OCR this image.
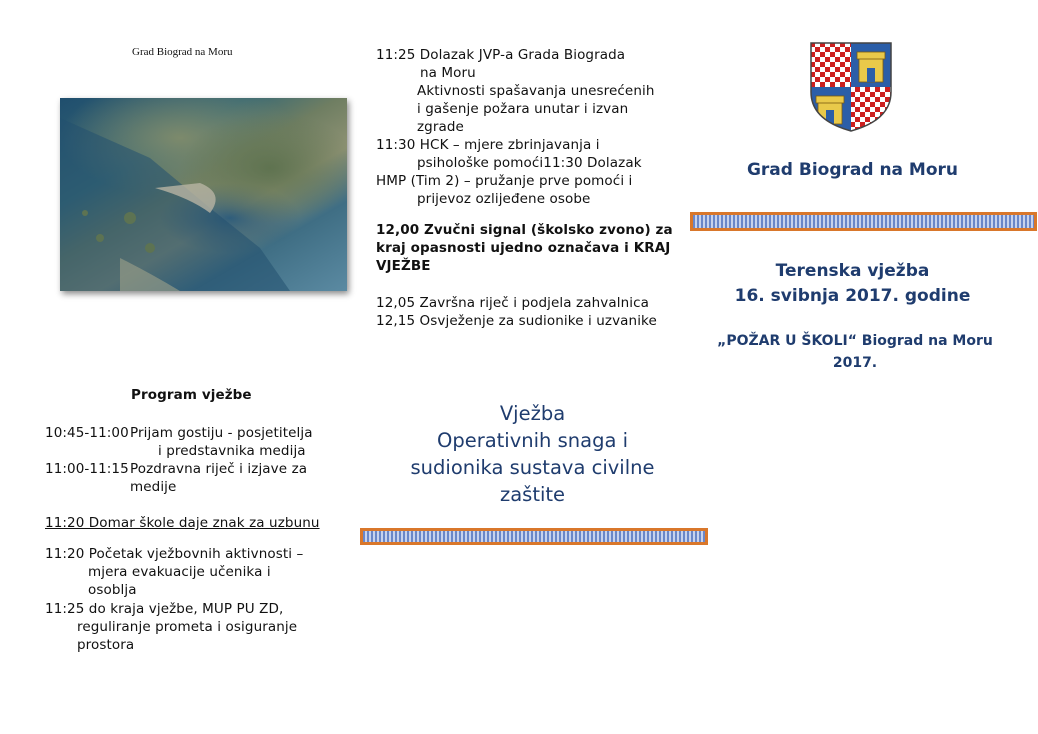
Grad Biograd na Moru
Program vježbe
10:45-11:00Prijam gostiju - posjetitelja
i predstavnika medija
11:00-11:15Pozdravna riječ i izjave za
medije
11:20 Domar škole daje znak za uzbunu
11:20 Početak vježbovnih aktivnosti –
mjera evakuacije učenika i
osoblja
11:25 do kraja vježbe, MUP PU ZD,
reguliranje prometa i osiguranje
prostora
11:25 Dolazak JVP-a Grada Biograda
na Moru
Aktivnosti spašavanja unesrećenih
i gašenje požara unutar i izvan
zgrade
11:30 HCK – mjere zbrinjavanja i
psihološke pomoći11:30 Dolazak
HMP (Tim 2) – pružanje prve pomoći i
prijevoz ozlijeđene osobe
12,00 Zvučni signal (školsko zvono) za
kraj opasnosti ujedno označava i KRAJ
VJEŽBE
12,05 Završna riječ i podjela zahvalnica
12,15 Osvježenje za sudionike i uzvanike
Vježba
Operativnih snaga i
sudionika sustava civilne
zaštite
Grad Biograd na Moru
Terenska vježba
16. svibnja 2017. godine
„POŽAR U ŠKOLI“ Biograd na Moru
2017.
